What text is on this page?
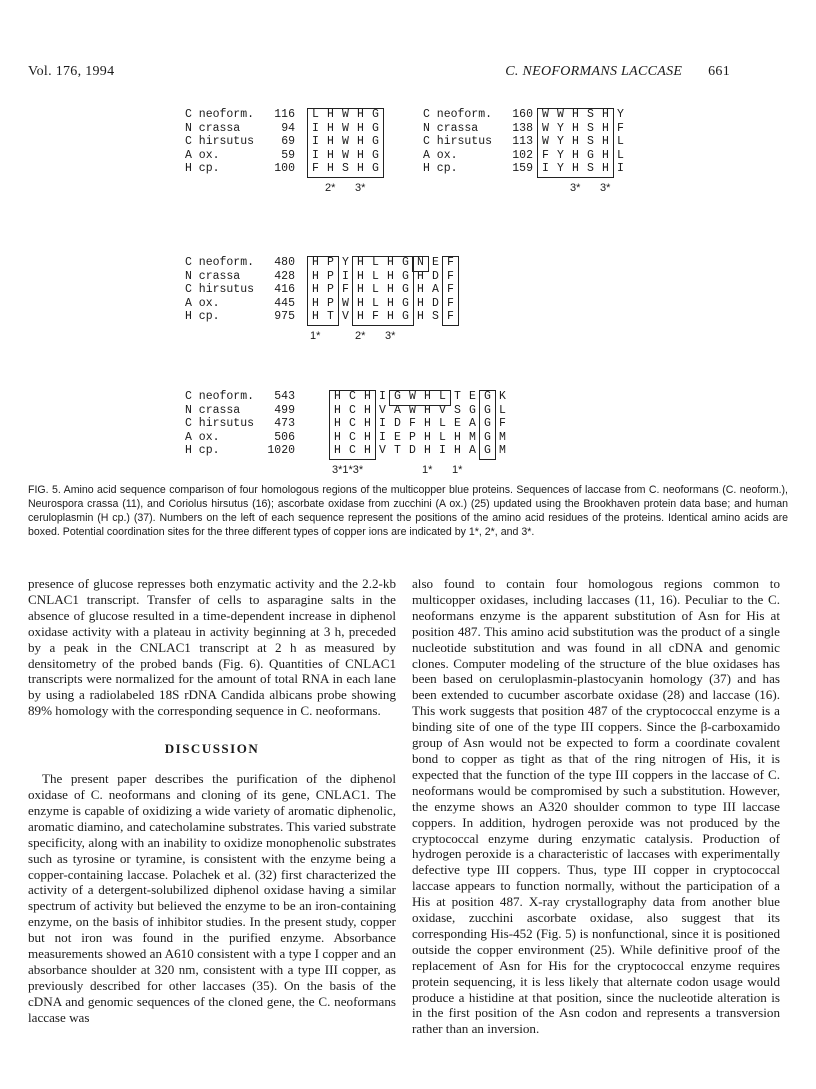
Vol. 176, 1994	C. NEOFORMANS LACCASE 661
C neoform.	116	L H W H G
N crassa	94	I H W H G
C hirsutus	69	I H W H G
A ox.	59	I H W H G
H cp.	100	F H S H G
2* 3*
C neoform.	160 W W H S H Y
N crassa	138 W Y H S H F
C hirsutus	113 W Y H S H L
A ox.	102 F Y H G H L
H cp.	159 I Y H S H I
3* 3*
C neoform.	480	H P Y H L H G N E F
N crassa	428	H P I H L H G H D F
C hirsutus	416	H P F H L H G H A F
A ox.	445	H P W H L H G H D F
H cp.	975	H T V H F H G H S F
1*	2* 3*
C neoform.	543	H C H I G W H L T E G K
N crassa	499	H C H V A W H V S G G L
C hirsutus	473	H C H I D F H L E A G F
A ox.	506	H C H I E P H L H M G M
H cp.	1020	H C H V T D H I H A G M
3*1*3*	1* 1*
FIG. 5. Amino acid sequence comparison of four homologous regions of the multicopper blue proteins. Sequences of laccase from C. neoformans (C. neoform.), Neurospora crassa (11), and Coriolus hirsutus (16); ascorbate oxidase from zucchini (A ox.) (25) updated using the Brookhaven protein data base; and human ceruloplasmin (H cp.) (37). Numbers on the left of each sequence represent the positions of the amino acid residues of the proteins. Identical amino acids are boxed. Potential coordination sites for the three different types of copper ions are indicated by 1*, 2*, and 3*.

presence of glucose represses both enzymatic activity and the 2.2-kb CNLAC1 transcript. Transfer of cells to asparagine salts in the absence of glucose resulted in a time-dependent increase in diphenol oxidase activity with a plateau in activity beginning at 3 h, preceded by a peak in the CNLAC1 transcript at 2 h as measured by densitometry of the probed bands (Fig. 6). Quantities of CNLAC1 transcripts were normalized for the amount of total RNA in each lane by using a radiolabeled 18S rDNA Candida albicans probe showing 89% homology with the corresponding sequence in C. neoformans.

DISCUSSION

The present paper describes the purification of the diphenol oxidase of C. neoformans and cloning of its gene, CNLAC1. The enzyme is capable of oxidizing a wide variety of aromatic diphenolic, aromatic diamino, and catecholamine substrates. This varied substrate specificity, along with an inability to oxidize monophenolic substrates such as tyrosine or tyramine, is consistent with the enzyme being a copper-containing laccase. Polachek et al. (32) first characterized the activity of a detergent-solubilized diphenol oxidase having a similar spectrum of activity but believed the enzyme to be an iron-containing enzyme, on the basis of inhibitor studies. In the present study, copper but not iron was found in the purified enzyme. Absorbance measurements showed an A610 consistent with a type I copper and an absorbance shoulder at 320 nm, consistent with a type III copper, as previously described for other laccases (35). On the basis of the cDNA and genomic sequences of the cloned gene, the C. neoformans laccase was

also found to contain four homologous regions common to multicopper oxidases, including laccases (11, 16). Peculiar to the C. neoformans enzyme is the apparent substitution of Asn for His at position 487. This amino acid substitution was the product of a single nucleotide substitution and was found in all cDNA and genomic clones. Computer modeling of the structure of the blue oxidases has been based on ceruloplasmin-plastocyanin homology (37) and has been extended to cucumber ascorbate oxidase (28) and laccase (16). This work suggests that position 487 of the cryptococcal enzyme is a binding site of one of the type III coppers. Since the β-carboxamido group of Asn would not be expected to form a coordinate covalent bond to copper as tight as that of the ring nitrogen of His, it is expected that the function of the type III coppers in the laccase of C. neoformans would be compromised by such a substitution. However, the enzyme shows an A320 shoulder common to type III laccase coppers. In addition, hydrogen peroxide was not produced by the cryptococcal enzyme during enzymatic catalysis. Production of hydrogen peroxide is a characteristic of laccases with experimentally defective type III coppers. Thus, type III copper in cryptococcal laccase appears to function normally, without the participation of a His at position 487. X-ray crystallography data from another blue oxidase, zucchini ascorbate oxidase, also suggest that its corresponding His-452 (Fig. 5) is nonfunctional, since it is positioned outside the copper environment (25). While definitive proof of the replacement of Asn for His for the cryptococcal enzyme requires protein sequencing, it is less likely that alternate codon usage would produce a histidine at that position, since the nucleotide alteration is in the first position of the Asn codon and represents a transversion rather than an inversion.
